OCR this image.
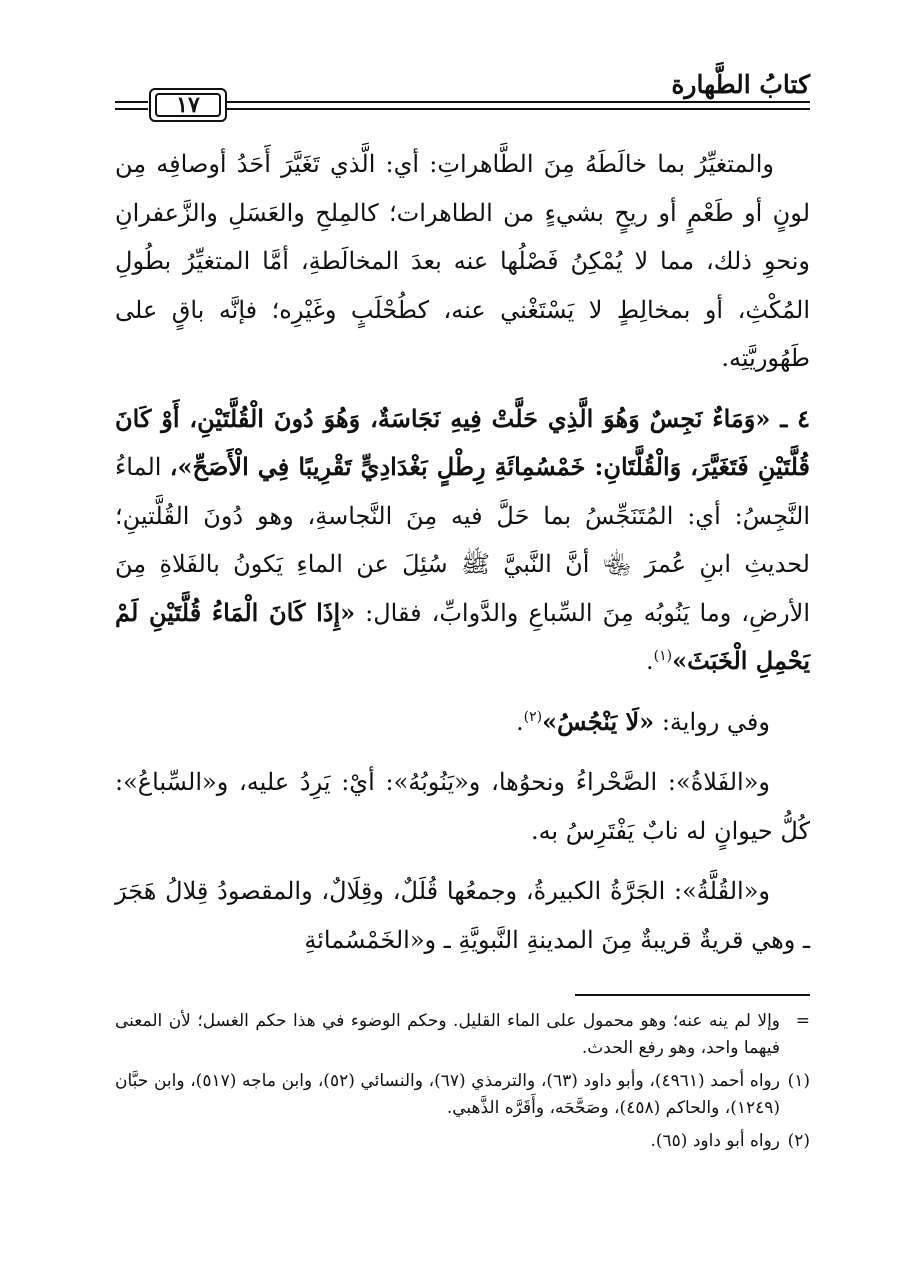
كتابُ الطَّهارة
١٧

والمتغيِّرُ بما خالَطَهُ مِنَ الطَّاهراتِ: أي: الَّذي تَغَيَّرَ أَحَدُ أوصافِه مِن لونٍ أو طَعْمٍ أو ريحٍ بشيءٍ من الطاهرات؛ كالمِلحِ والعَسَلِ والزَّعفرانِ ونحوِ ذلك، مما لا يُمْكِنُ فَصْلُها عنه بعدَ المخالَطةِ، أمَّا المتغيِّرُ بطُولِ المُكْثِ، أو بمخالِطٍ لا يَسْتَغْني عنه، كطُحْلَبٍ وغَيْرِه؛ فإنَّه باقٍ على طَهُوريَّتِه.

٤ ـ «وَمَاءٌ نَجِسٌ وَهُوَ الَّذِي حَلَّتْ فِيهِ نَجَاسَةٌ، وَهُوَ دُونَ الْقُلَّتَيْنِ، أَوْ كَانَ قُلَّتَيْنِ فَتَغَيَّرَ، وَالْقُلَّتَانِ: خَمْسُمِائَةِ رِطْلٍ بَغْدَادِيٍّ تَقْرِيبًا فِي الْأَصَحِّ»، الماءُ النَّجِسُ: أي: المُتَنَجِّسُ بما حَلَّ فيه مِنَ النَّجاسةِ، وهو دُونَ القُلَّتينِ؛ لحديثِ ابنِ عُمرَ ﵄ أنَّ النَّبيَّ ﷺ سُئِلَ عن الماءِ يَكونُ بالفَلاةِ مِنَ الأرضِ، وما يَنُوبُه مِنَ السِّباعِ والدَّوابِّ، فقال: «إِذَا كَانَ الْمَاءُ قُلَّتَيْنِ لَمْ يَحْمِلِ الْخَبَثَ»$^{(١)}$.

وفي رواية: «لَا يَنْجُسُ»$^{(٢)}$.

و«الفَلاةُ»: الصَّحْراءُ ونحوُها، و«يَنُوبُهُ»: أيْ: يَرِدُ عليه، و«السِّباعُ»: كُلُّ حيوانٍ له نابٌ يَفْتَرِسُ به.

و«القُلَّةُ»: الجَرَّةُ الكبيرةُ، وجمعُها قُلَلٌ، وقِلَالٌ، والمقصودُ قِلالُ هَجَرَ ـ وهي قريةٌ قريبةٌ مِنَ المدينةِ النَّبويَّةِ ـ و«الخَمْسُمائةِ

=وإلا لم ينه عنه؛ وهو محمول على الماء القليل. وحكم الوضوء في هذا حكم الغسل؛ لأن المعنى فيهما واحد، وهو رفع الحدث.

(١)رواه أحمد (٤٩٦١)، وأبو داود (٦٣)، والترمذي (٦٧)، والنسائي (٥٢)، وابن ماجه (٥١٧)، وابن حبَّان (١٢٤٩)، والحاكم (٤٥٨)، وصَحَّحَه، وأَقَرَّه الذَّهبي.

(٢)رواه أبو داود (٦٥).
